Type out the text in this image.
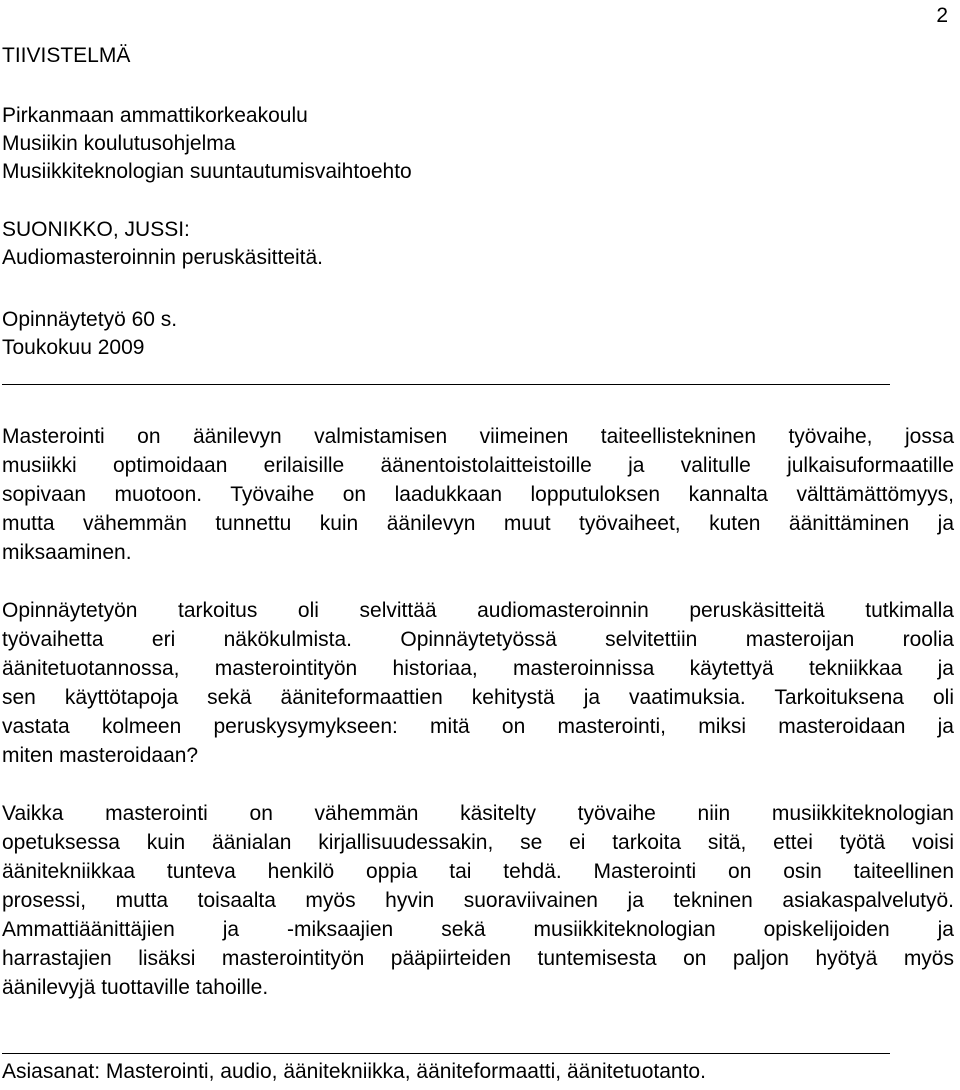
2
TIIVISTELMÄ
Pirkanmaan ammattikorkeakoulu
Musiikin koulutusohjelma
Musiikkiteknologian suuntautumisvaihtoehto
SUONIKKO, JUSSI:
Audiomasteroinnin peruskäsitteitä.
Opinnäytetyö 60 s.
Toukokuu 2009
Masterointi on äänilevyn valmistamisen viimeinen taiteellistekninen työvaihe, jossa
musiikki optimoidaan erilaisille äänentoistolaitteistoille ja valitulle julkaisuformaatille
sopivaan muotoon. Työvaihe on laadukkaan lopputuloksen kannalta välttämättömyys,
mutta vähemmän tunnettu kuin äänilevyn muut työvaiheet, kuten äänittäminen ja
miksaaminen.
Opinnäytetyön tarkoitus oli selvittää audiomasteroinnin peruskäsitteitä tutkimalla
työvaihetta eri näkökulmista. Opinnäytetyössä selvitettiin masteroijan roolia
äänitetuotannossa, masterointityön historiaa, masteroinnissa käytettyä tekniikkaa ja
sen käyttötapoja sekä ääniteformaattien kehitystä ja vaatimuksia. Tarkoituksena oli
vastata kolmeen peruskysymykseen: mitä on masterointi, miksi masteroidaan ja
miten masteroidaan?
Vaikka masterointi on vähemmän käsitelty työvaihe niin musiikkiteknologian
opetuksessa kuin äänialan kirjallisuudessakin, se ei tarkoita sitä, ettei työtä voisi
äänitekniikkaa tunteva henkilö oppia tai tehdä. Masterointi on osin taiteellinen
prosessi, mutta toisaalta myös hyvin suoraviivainen ja tekninen asiakaspalvelutyö.
Ammattiäänittäjien ja -miksaajien sekä musiikkiteknologian opiskelijoiden ja
harrastajien lisäksi masterointityön pääpiirteiden tuntemisesta on paljon hyötyä myös
äänilevyjä tuottaville tahoille.
Asiasanat: Masterointi, audio, äänitekniikka, ääniteformaatti, äänitetuotanto.
